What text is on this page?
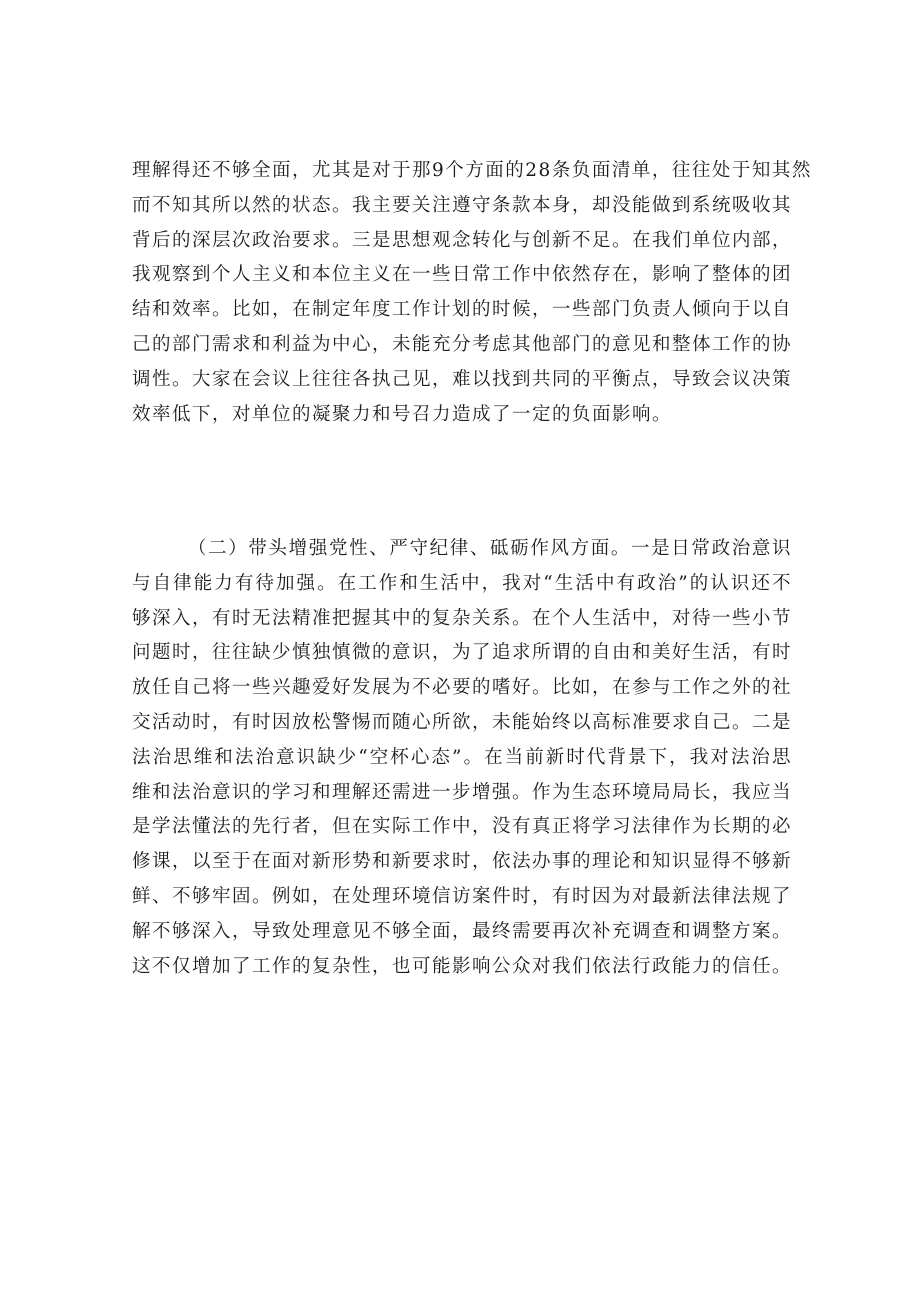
理解得还不够全面，尤其是对于那9个方面的28条负面清单，往往处于知其然
而不知其所以然的状态。我主要关注遵守条款本身，却没能做到系统吸收其
背后的深层次政治要求。三是思想观念转化与创新不足。在我们单位内部，
我观察到个人主义和本位主义在一些日常工作中依然存在，影响了整体的团
结和效率。比如，在制定年度工作计划的时候，一些部门负责人倾向于以自
己的部门需求和利益为中心，未能充分考虑其他部门的意见和整体工作的协
调性。大家在会议上往往各执己见，难以找到共同的平衡点，导致会议决策
效率低下，对单位的凝聚力和号召力造成了一定的负面影响。
（二）带头增强党性、严守纪律、砥砺作风方面。一是日常政治意识
与自律能力有待加强。在工作和生活中，我对“生活中有政治”的认识还不
够深入，有时无法精准把握其中的复杂关系。在个人生活中，对待一些小节
问题时，往往缺少慎独慎微的意识，为了追求所谓的自由和美好生活，有时
放任自己将一些兴趣爱好发展为不必要的嗜好。比如，在参与工作之外的社
交活动时，有时因放松警惕而随心所欲，未能始终以高标准要求自己。二是
法治思维和法治意识缺少“空杯心态”。在当前新时代背景下，我对法治思
维和法治意识的学习和理解还需进一步增强。作为生态环境局局长，我应当
是学法懂法的先行者，但在实际工作中，没有真正将学习法律作为长期的必
修课，以至于在面对新形势和新要求时，依法办事的理论和知识显得不够新
鲜、不够牢固。例如，在处理环境信访案件时，有时因为对最新法律法规了
解不够深入，导致处理意见不够全面，最终需要再次补充调查和调整方案。
这不仅增加了工作的复杂性，也可能影响公众对我们依法行政能力的信任。
